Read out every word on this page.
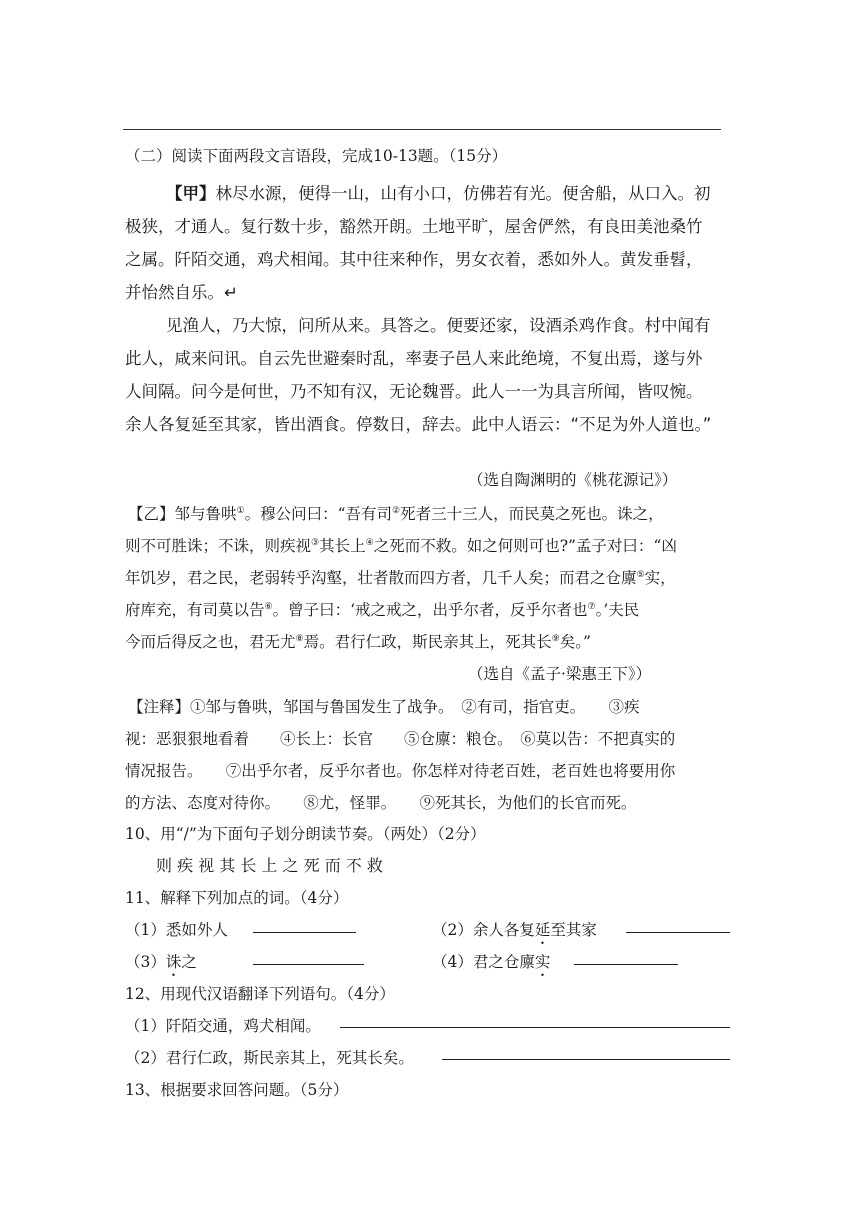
（二）阅读下面两段文言语段，完成10-13题。（15分）
【甲】林尽水源，便得一山，山有小口，仿佛若有光。便舍船，从口入。初
极狭，才通人。复行数十步，豁然开朗。土地平旷，屋舍俨然，有良田美池桑竹
之属。阡陌交通，鸡犬相闻。其中往来种作，男女衣着，悉如外人。黄发垂髫，
并怡然自乐。↵
见渔人，乃大惊，问所从来。具答之。便要还家，设酒杀鸡作食。村中闻有
此人，咸来问讯。自云先世避秦时乱，率妻子邑人来此绝境，不复出焉，遂与外
人间隔。问今是何世，乃不知有汉，无论魏晋。此人一一为具言所闻，皆叹惋。
余人各复延至其家，皆出酒食。停数日，辞去。此中人语云：“不足为外人道也。”
（选自陶渊明的《桃花源记》）
【乙】邹与鲁哄①。穆公问曰：“吾有司②死者三十三人，而民莫之死也。诛之，
则不可胜诛；不诛，则疾视③其长上④之死而不救。如之何则可也?”孟子对曰：“凶
年饥岁，君之民，老弱转乎沟壑，壮者散而四方者，几千人矣；而君之仓廪⑤实，
府库充，有司莫以告⑥。曾子曰：‘戒之戒之，出乎尔者，反乎尔者也⑦。’夫民
今而后得反之也，君无尤⑧焉。君行仁政，斯民亲其上，死其长⑨矣。”
（选自《孟子·梁惠王下》）
【注释】①邹与鲁哄，邹国与鲁国发生了战争。　②有司，指官吏。　　③疾
视：恶狠狠地看着　　④长上：长官　　⑤仓廪：粮仓。　⑥莫以告：不把真实的
情况报告。　　⑦出乎尔者，反乎尔者也。你怎样对待老百姓，老百姓也将要用你
的方法、态度对待你。　　⑧尤，怪罪。　　⑨死其长，为他们的长官而死。
10、用“/”为下面句子划分朗读节奏。（两处）（2分）
则 疾 视 其 长 上 之 死 而 不 救
11、解释下列加点的词。（4分）
（1）悉如外人	（2）余人各复延至其家
（3）诛之	（4）君之仓廪实
12、用现代汉语翻译下列语句。（4分）
（1）阡陌交通，鸡犬相闻。
（2）君行仁政，斯民亲其上，死其长矣。
13、根据要求回答问题。（5分）
